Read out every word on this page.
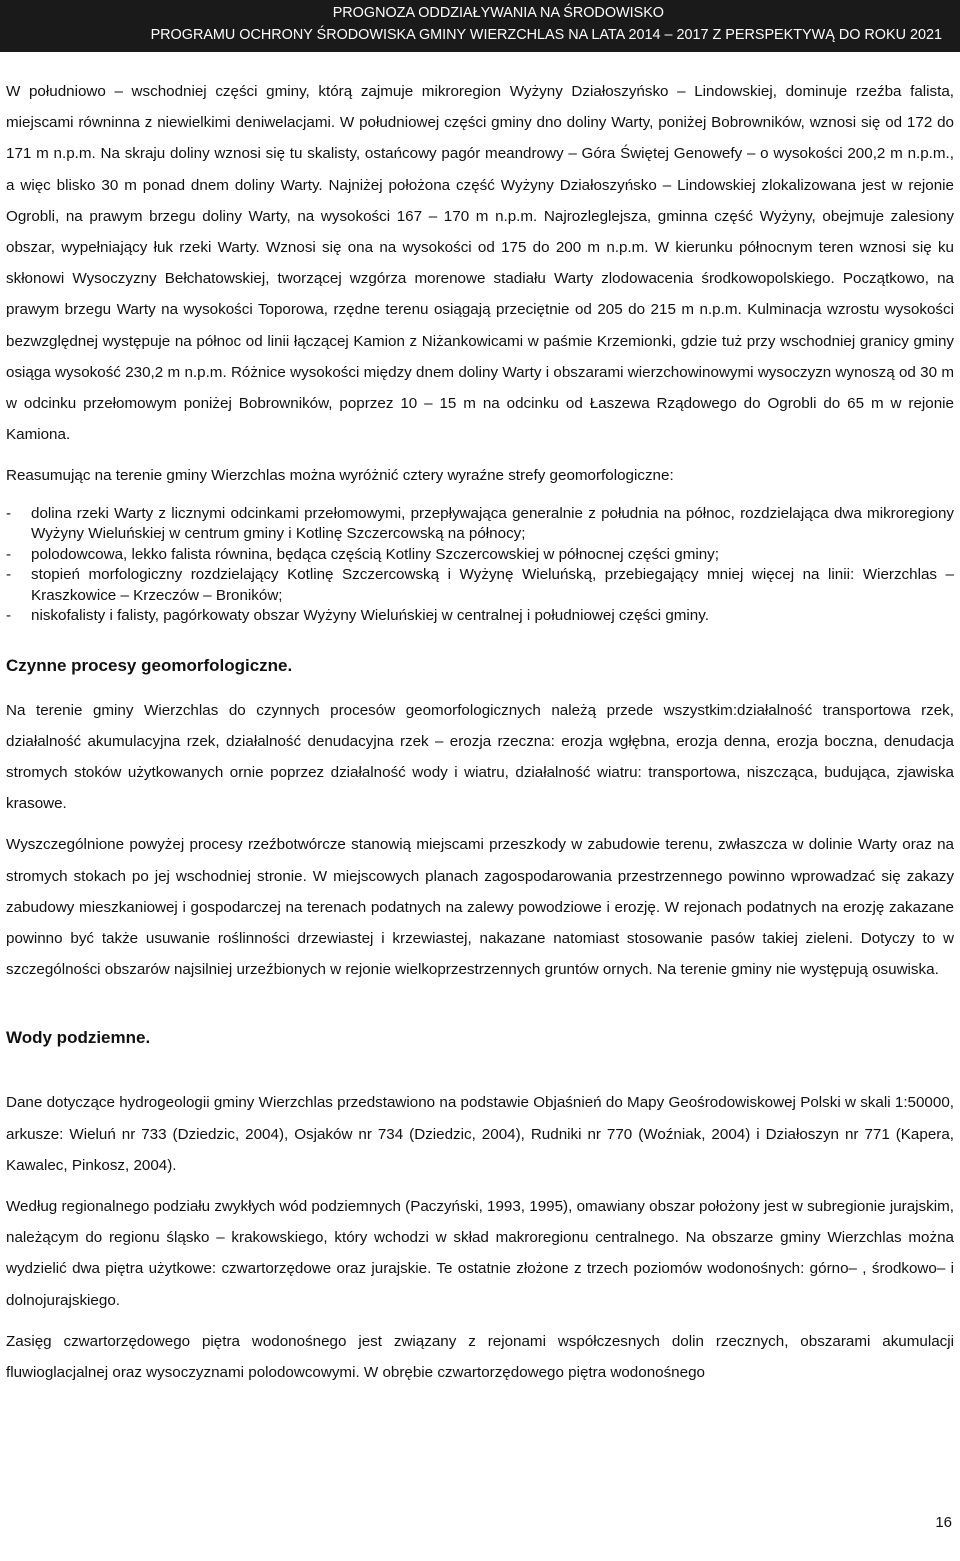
PROGNOZA ODDZIAŁYWANIA NA ŚRODOWISKO
PROGRAMU OCHRONY ŚRODOWISKA GMINY WIERZCHLAS NA LATA 2014 – 2017 Z PERSPEKTYWĄ DO ROKU 2021

W południowo – wschodniej części gminy, którą zajmuje mikroregion Wyżyny Działoszyńsko – Lindowskiej, dominuje rzeźba falista, miejscami równinna z niewielkimi deniwelacjami. W południowej części gminy dno doliny Warty, poniżej Bobrowników, wznosi się od 172 do 171 m n.p.m. Na skraju doliny wznosi się tu skalisty, ostańcowy pagór meandrowy – Góra Świętej Genowefy – o wysokości 200,2 m n.p.m., a więc blisko 30 m ponad dnem doliny Warty. Najniżej położona część Wyżyny Działoszyńsko – Lindowskiej zlokalizowana jest w rejonie Ogrobli, na prawym brzegu doliny Warty, na wysokości 167 – 170 m n.p.m. Najrozleglejsza, gminna część Wyżyny, obejmuje zalesiony obszar, wypełniający łuk rzeki Warty. Wznosi się ona na wysokości od 175 do 200 m n.p.m. W kierunku północnym teren wznosi się ku skłonowi Wysoczyzny Bełchatowskiej, tworzącej wzgórza morenowe stadiału Warty zlodowacenia środkowopolskiego. Początkowo, na prawym brzegu Warty na wysokości Toporowa, rzędne terenu osiągają przeciętnie od 205 do 215 m n.p.m. Kulminacja wzrostu wysokości bezwzględnej występuje na północ od linii łączącej Kamion z Niżankowicami w paśmie Krzemionki, gdzie tuż przy wschodniej granicy gminy osiąga wysokość 230,2 m n.p.m. Różnice wysokości między dnem doliny Warty i obszarami wierzchowinowymi wysoczyzn wynoszą od 30 m w odcinku przełomowym poniżej Bobrowników, poprzez 10 – 15 m na odcinku od Łaszewa Rządowego do Ogrobli do 65 m w rejonie Kamiona.

Reasumując na terenie gminy Wierzchlas można wyróżnić cztery wyraźne strefy geomorfologiczne:

- dolina rzeki Warty z licznymi odcinkami przełomowymi, przepływająca generalnie z południa na północ, rozdzielająca dwa mikroregiony Wyżyny Wieluńskiej w centrum gminy i Kotlinę Szczercowską na północy;
- polodowcowa, lekko falista równina, będąca częścią Kotliny Szczercowskiej w północnej części gminy;
- stopień morfologiczny rozdzielający Kotlinę Szczercowską i Wyżynę Wieluńską, przebiegający mniej więcej na linii: Wierzchlas – Kraszkowice – Krzeczów – Broników;
- niskofalisty i falisty, pagórkowaty obszar Wyżyny Wieluńskiej w centralnej i południowej części gminy.
Czynne procesy geomorfologiczne.

Na terenie gminy Wierzchlas do czynnych procesów geomorfologicznych należą przede wszystkim:działalność transportowa rzek, działalność akumulacyjna rzek, działalność denudacyjna rzek – erozja rzeczna: erozja wgłębna, erozja denna, erozja boczna, denudacja stromych stoków użytkowanych ornie poprzez działalność wody i wiatru, działalność wiatru: transportowa, niszcząca, budująca, zjawiska krasowe.

Wyszczególnione powyżej procesy rzeźbotwórcze stanowią miejscami przeszkody w zabudowie terenu, zwłaszcza w dolinie Warty oraz na stromych stokach po jej wschodniej stronie. W miejscowych planach zagospodarowania przestrzennego powinno wprowadzać się zakazy zabudowy mieszkaniowej i gospodarczej na terenach podatnych na zalewy powodziowe i erozję. W rejonach podatnych na erozję zakazane powinno być także usuwanie roślinności drzewiastej i krzewiastej, nakazane natomiast stosowanie pasów takiej zieleni. Dotyczy to w szczególności obszarów najsilniej urzeźbionych w rejonie wielkoprzestrzennych gruntów ornych. Na terenie gminy nie występują osuwiska.

Wody podziemne.

Dane dotyczące hydrogeologii gminy Wierzchlas przedstawiono na podstawie Objaśnień do Mapy Geośrodowiskowej Polski w skali 1:50000, arkusze: Wieluń nr 733 (Dziedzic, 2004), Osjaków nr 734 (Dziedzic, 2004), Rudniki nr 770 (Woźniak, 2004) i Działoszyn nr 771 (Kapera, Kawalec, Pinkosz, 2004).

Według regionalnego podziału zwykłych wód podziemnych (Paczyński, 1993, 1995), omawiany obszar położony jest w subregionie jurajskim, należącym do regionu śląsko – krakowskiego, który wchodzi w skład makroregionu centralnego. Na obszarze gminy Wierzchlas można wydzielić dwa piętra użytkowe: czwartorzędowe oraz jurajskie. Te ostatnie złożone z trzech poziomów wodonośnych: górno– , środkowo– i dolnojurajskiego.

Zasięg czwartorzędowego piętra wodonośnego jest związany z rejonami współczesnych dolin rzecznych, obszarami akumulacji fluwioglacjalnej oraz wysoczyznami polodowcowymi. W obrębie czwartorzędowego piętra wodonośnego

16
